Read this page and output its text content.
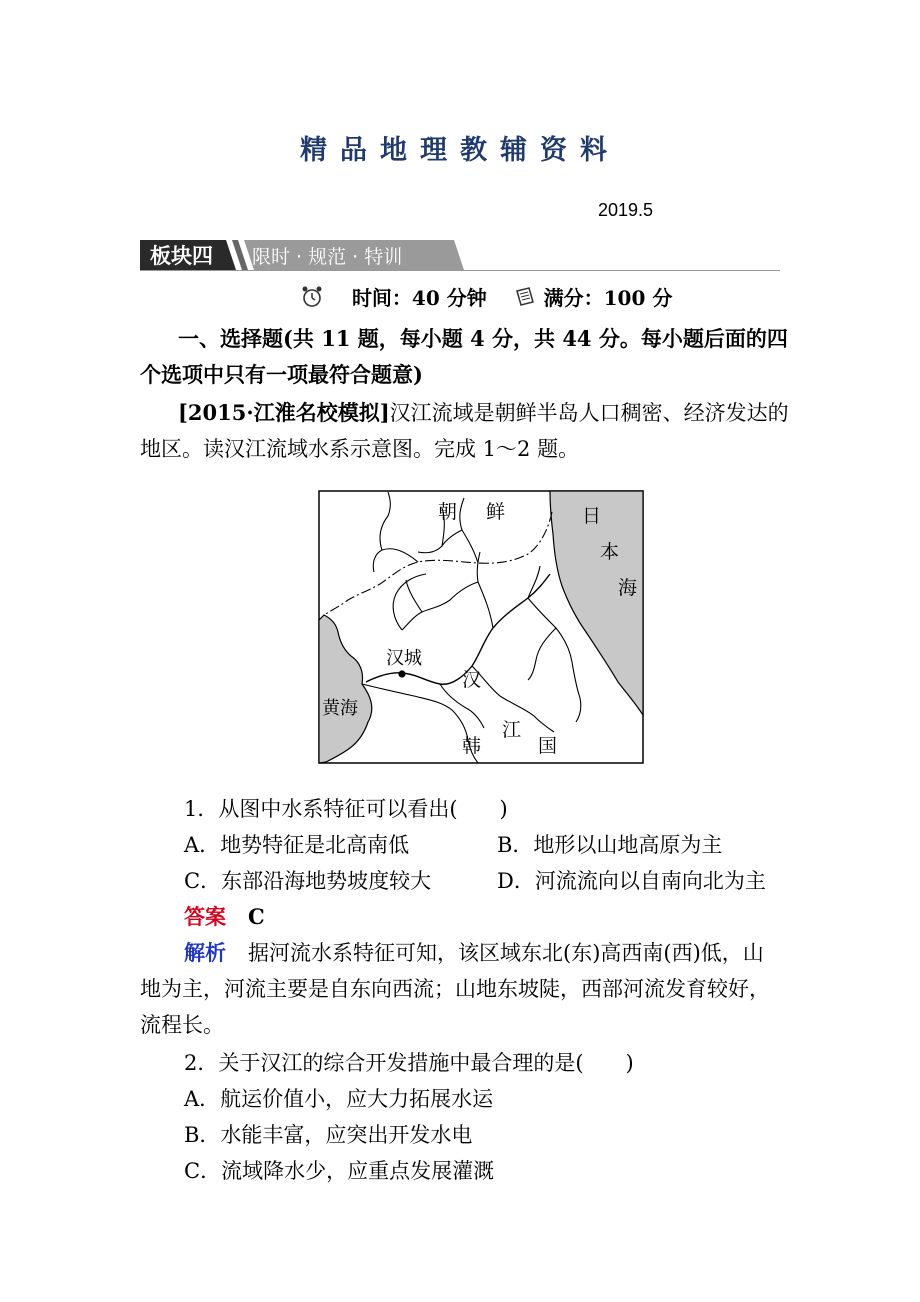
精品地理教辅资料
2019.5
板块四 限时 · 规范 · 特训
时间：40 分钟	满分：100 分
一、选择题(共 11 题，每小题 4 分，共 44 分。每小题后面的四
个选项中只有一项最符合题意)
[2015·江淮名校模拟]汉江流域是朝鲜半岛人口稠密、经济发达的
地区。读汉江流域水系示意图。完成 1～2 题。
朝 鲜	日
本
海
汉城
黄海
汉
江
韩	国
1．从图中水系特征可以看出(　　)
A．地势特征是北高南低	B．地形以山地高原为主
C．东部沿海地势坡度较大	D．河流流向以自南向北为主
答案 C
解析 据河流水系特征可知，该区域东北(东)高西南(西)低，山
地为主，河流主要是自东向西流；山地东坡陡，西部河流发育较好，
流程长。
2．关于汉江的综合开发措施中最合理的是(　　)
A．航运价值小，应大力拓展水运
B．水能丰富，应突出开发水电
C．流域降水少，应重点发展灌溉
